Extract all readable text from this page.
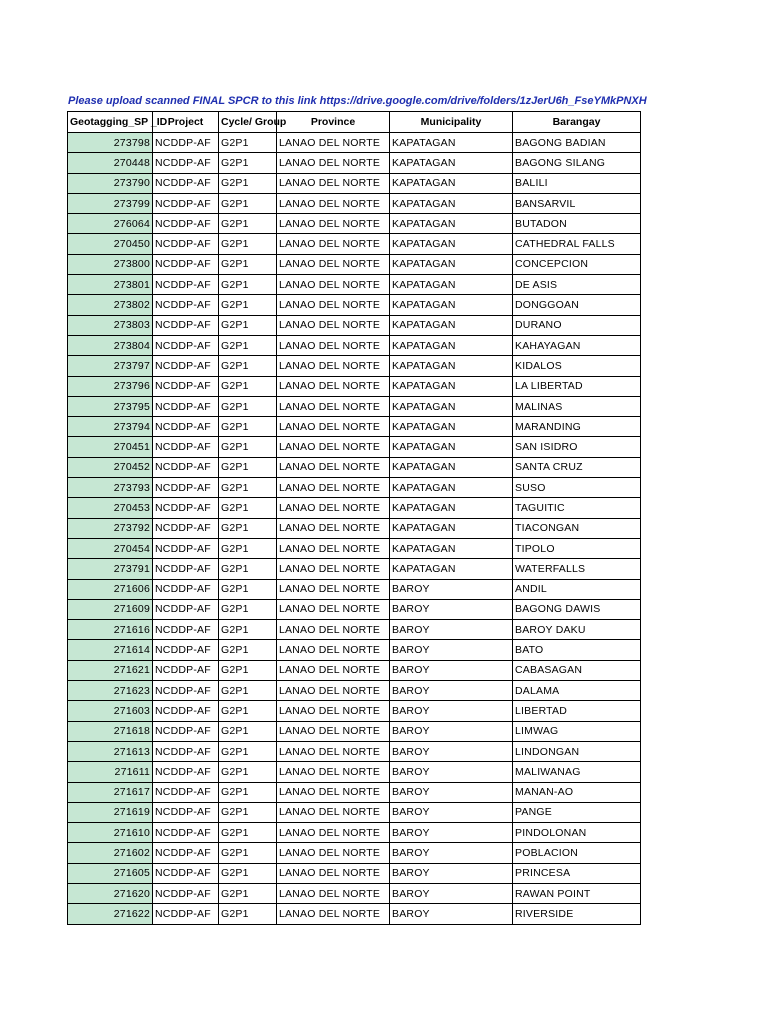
Please upload scanned FINAL SPCR to this link https://drive.google.com/drive/folders/1zJerU6h_FseYMkPNXH
Geotagging_SP _ID	Project	Cycle/ Group	Province	Municipality	Barangay
273798	NCDDP-AF	G2P1	LANAO DEL NORTE	KAPATAGAN	BAGONG BADIAN
270448	NCDDP-AF	G2P1	LANAO DEL NORTE	KAPATAGAN	BAGONG SILANG
273790	NCDDP-AF	G2P1	LANAO DEL NORTE	KAPATAGAN	BALILI
273799	NCDDP-AF	G2P1	LANAO DEL NORTE	KAPATAGAN	BANSARVIL
276064	NCDDP-AF	G2P1	LANAO DEL NORTE	KAPATAGAN	BUTADON
270450	NCDDP-AF	G2P1	LANAO DEL NORTE	KAPATAGAN	CATHEDRAL FALLS
273800	NCDDP-AF	G2P1	LANAO DEL NORTE	KAPATAGAN	CONCEPCION
273801	NCDDP-AF	G2P1	LANAO DEL NORTE	KAPATAGAN	DE ASIS
273802	NCDDP-AF	G2P1	LANAO DEL NORTE	KAPATAGAN	DONGGOAN
273803	NCDDP-AF	G2P1	LANAO DEL NORTE	KAPATAGAN	DURANO
273804	NCDDP-AF	G2P1	LANAO DEL NORTE	KAPATAGAN	KAHAYAGAN
273797	NCDDP-AF	G2P1	LANAO DEL NORTE	KAPATAGAN	KIDALOS
273796	NCDDP-AF	G2P1	LANAO DEL NORTE	KAPATAGAN	LA LIBERTAD
273795	NCDDP-AF	G2P1	LANAO DEL NORTE	KAPATAGAN	MALINAS
273794	NCDDP-AF	G2P1	LANAO DEL NORTE	KAPATAGAN	MARANDING
270451	NCDDP-AF	G2P1	LANAO DEL NORTE	KAPATAGAN	SAN ISIDRO
270452	NCDDP-AF	G2P1	LANAO DEL NORTE	KAPATAGAN	SANTA CRUZ
273793	NCDDP-AF	G2P1	LANAO DEL NORTE	KAPATAGAN	SUSO
270453	NCDDP-AF	G2P1	LANAO DEL NORTE	KAPATAGAN	TAGUITIC
273792	NCDDP-AF	G2P1	LANAO DEL NORTE	KAPATAGAN	TIACONGAN
270454	NCDDP-AF	G2P1	LANAO DEL NORTE	KAPATAGAN	TIPOLO
273791	NCDDP-AF	G2P1	LANAO DEL NORTE	KAPATAGAN	WATERFALLS
271606	NCDDP-AF	G2P1	LANAO DEL NORTE	BAROY	ANDIL
271609	NCDDP-AF	G2P1	LANAO DEL NORTE	BAROY	BAGONG DAWIS
271616	NCDDP-AF	G2P1	LANAO DEL NORTE	BAROY	BAROY DAKU
271614	NCDDP-AF	G2P1	LANAO DEL NORTE	BAROY	BATO
271621	NCDDP-AF	G2P1	LANAO DEL NORTE	BAROY	CABASAGAN
271623	NCDDP-AF	G2P1	LANAO DEL NORTE	BAROY	DALAMA
271603	NCDDP-AF	G2P1	LANAO DEL NORTE	BAROY	LIBERTAD
271618	NCDDP-AF	G2P1	LANAO DEL NORTE	BAROY	LIMWAG
271613	NCDDP-AF	G2P1	LANAO DEL NORTE	BAROY	LINDONGAN
271611	NCDDP-AF	G2P1	LANAO DEL NORTE	BAROY	MALIWANAG
271617	NCDDP-AF	G2P1	LANAO DEL NORTE	BAROY	MANAN-AO
271619	NCDDP-AF	G2P1	LANAO DEL NORTE	BAROY	PANGE
271610	NCDDP-AF	G2P1	LANAO DEL NORTE	BAROY	PINDOLONAN
271602	NCDDP-AF	G2P1	LANAO DEL NORTE	BAROY	POBLACION
271605	NCDDP-AF	G2P1	LANAO DEL NORTE	BAROY	PRINCESA
271620	NCDDP-AF	G2P1	LANAO DEL NORTE	BAROY	RAWAN POINT
271622	NCDDP-AF	G2P1	LANAO DEL NORTE	BAROY	RIVERSIDE
